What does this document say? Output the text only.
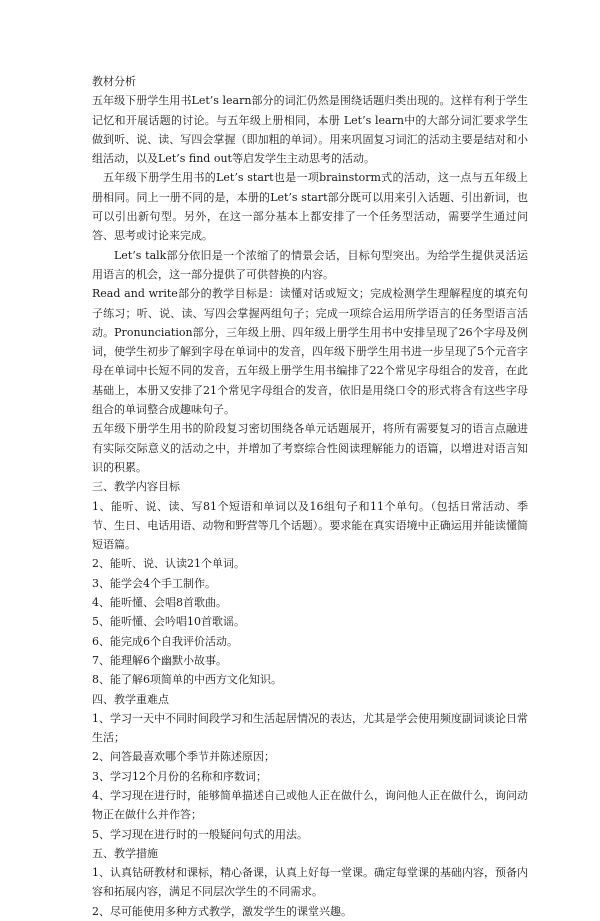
教材分析

五年级下册学生用书Let’s learn部分的词汇仍然是围绕话题归类出现的。这样有利于学生记忆和开展话题的讨论。与五年级上册相同，本册 Let’s learn中的大部分词汇要求学生做到听、说、读、写四会掌握（即加粗的单词）。用来巩固复习词汇的活动主要是结对和小组活动，以及Let’s find out等启发学生主动思考的活动。

五年级下册学生用书的Let’s start也是一项brainstorm式的活动，这一点与五年级上册相同。同上一册不同的是，本册的Let’s start部分既可以用来引入话题、引出新词，也可以引出新句型。另外，在这一部分基本上都安排了一个任务型活动，需要学生通过问答、思考或讨论来完成。

Let’s talk部分依旧是一个浓缩了的情景会话，目标句型突出。为给学生提供灵活运用语言的机会，这一部分提供了可供替换的内容。

Read and write部分的教学目标是：读懂对话或短文；完成检测学生理解程度的填充句子练习；听、说、读、写四会掌握两组句子；完成一项综合运用所学语言的任务型语言活动。Pronunciation部分，三年级上册、四年级上册学生用书中安排呈现了26个字母及例词，使学生初步了解到字母在单词中的发音，四年级下册学生用书进一步呈现了5个元音字母在单词中长短不同的发音，五年级上册学生用书编排了22个常见字母组合的发音，在此基础上，本册又安排了21个常见字母组合的发音，依旧是用绕口令的形式将含有这些字母组合的单词整合成趣味句子。

五年级下册学生用书的阶段复习密切围绕各单元话题展开，将所有需要复习的语言点融进有实际交际意义的活动之中，并增加了考察综合性阅读理解能力的语篇，以增进对语言知识的积累。

三、教学内容目标

1、能听、说、读、写81个短语和单词以及16组句子和11个单句。（包括日常活动、季节、生日、电话用语、动物和野营等几个话题）。要求能在真实语境中正确运用并能读懂简短语篇。

2、能听、说、认读21个单词。

3、能学会4个手工制作。

4、能听懂、会唱8首歌曲。

5、能听懂、会吟唱10首歌谣。

6、能完成6个自我评价活动。

7、能理解6个幽默小故事。

8、能了解6项简单的中西方文化知识。

四、教学重难点

1、学习一天中不同时间段学习和生活起居情况的表达，尤其是学会使用频度副词谈论日常生活；

2、问答最喜欢哪个季节并陈述原因；

3、学习12个月份的名称和序数词；

4、学习现在进行时，能够简单描述自己或他人正在做什么，询问他人正在做什么，询问动物正在做什么并作答；

5、学习现在进行时的一般疑问句式的用法。

五、教学措施

1、认真钻研教材和课标，精心备课，认真上好每一堂课。确定每堂课的基础内容，预备内容和拓展内容，满足不同层次学生的不同需求。

2、尽可能使用多种方式教学，激发学生的课堂兴趣。
